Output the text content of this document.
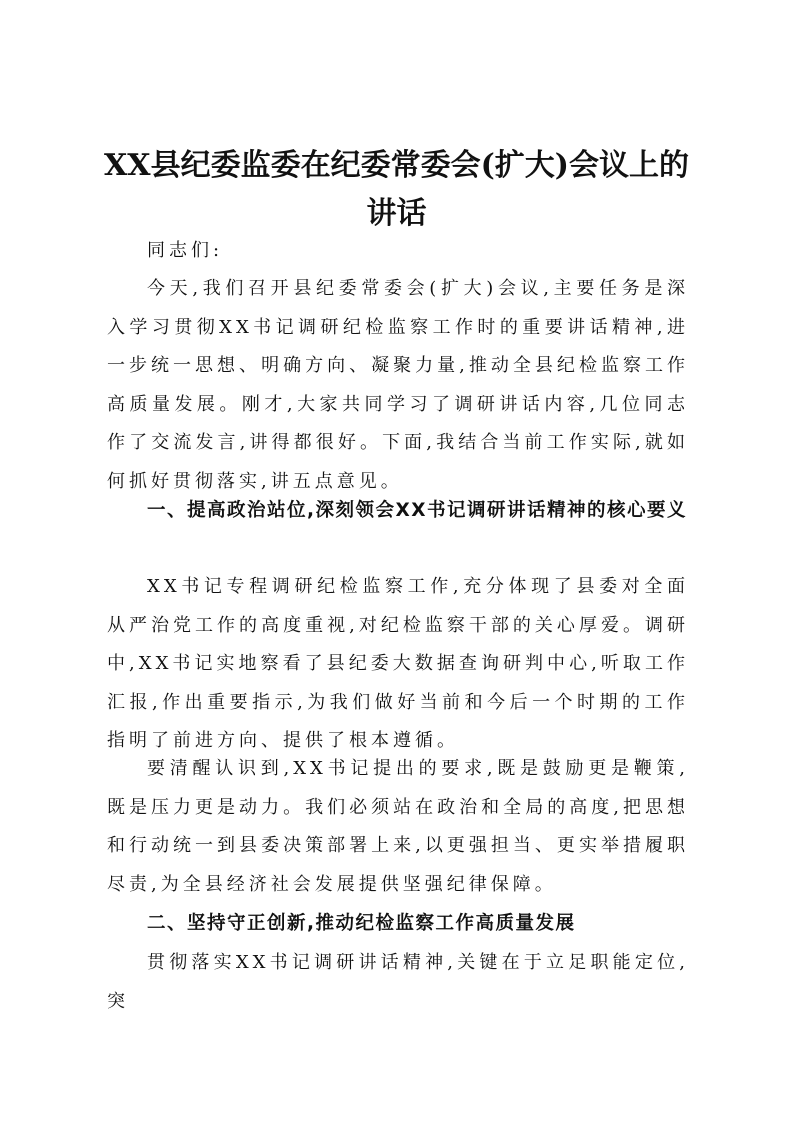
XX县纪委监委在纪委常委会(扩大)会议上的
讲话

同志们:

今天,我们召开县纪委常委会(扩大)会议,主要任务是深入学习贯彻XX书记调研纪检监察工作时的重要讲话精神,进一步统一思想、明确方向、凝聚力量,推动全县纪检监察工作高质量发展。刚才,大家共同学习了调研讲话内容,几位同志作了交流发言,讲得都很好。下面,我结合当前工作实际,就如何抓好贯彻落实,讲五点意见。

一、提高政治站位,深刻领会XX书记调研讲话精神的核心要义

XX书记专程调研纪检监察工作,充分体现了县委对全面从严治党工作的高度重视,对纪检监察干部的关心厚爱。调研中,XX书记实地察看了县纪委大数据查询研判中心,听取工作汇报,作出重要指示,为我们做好当前和今后一个时期的工作指明了前进方向、提供了根本遵循。

要清醒认识到,XX书记提出的要求,既是鼓励更是鞭策,既是压力更是动力。我们必须站在政治和全局的高度,把思想和行动统一到县委决策部署上来,以更强担当、更实举措履职尽责,为全县经济社会发展提供坚强纪律保障。

二、坚持守正创新,推动纪检监察工作高质量发展

贯彻落实XX书记调研讲话精神,关键在于立足职能定位,突
